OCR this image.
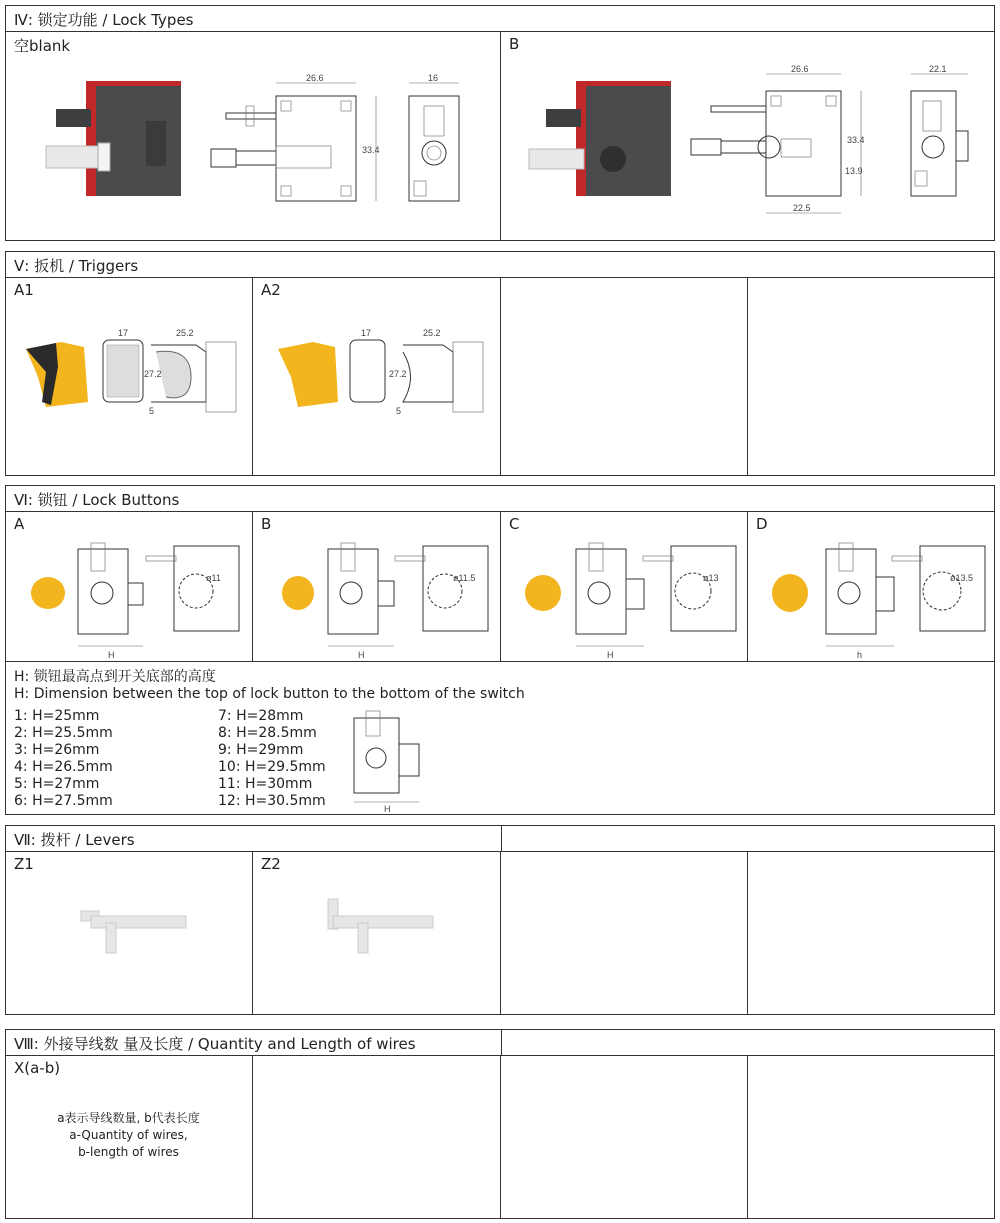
Ⅳ: 锁定功能 / Lock Types
空blank
26.6
33.4
16
B
26.6
33.4
13.9
22.5
22.1
Ⅴ: 扳机 / Triggers
A1
17	25.2
27.2
5
A2
17	25.2
27.2
5
Ⅵ: 锁钮 / Lock Buttons
A
H
ø11
B
H
ø11.5
C
H
ø13
D
h
ø13.5
H: 锁钮最高点到开关底部的高度
H: Dimension between the top of lock button to the bottom of the switch
1: H=25mm
2: H=25.5mm
3: H=26mm
4: H=26.5mm
5: H=27mm
6: H=27.5mm
7: H=28mm
8: H=28.5mm
9: H=29mm
10: H=29.5mm
11: H=30mm
12: H=30.5mm	H
Ⅶ: 拨杆 / Levers
Z1	Z2
Ⅷ: 外接导线数 量及长度 / Quantity and Length of wires
X(a-b)
a表示导线数量, b代表长度
a-Quantity of wires,
b-length of wires
